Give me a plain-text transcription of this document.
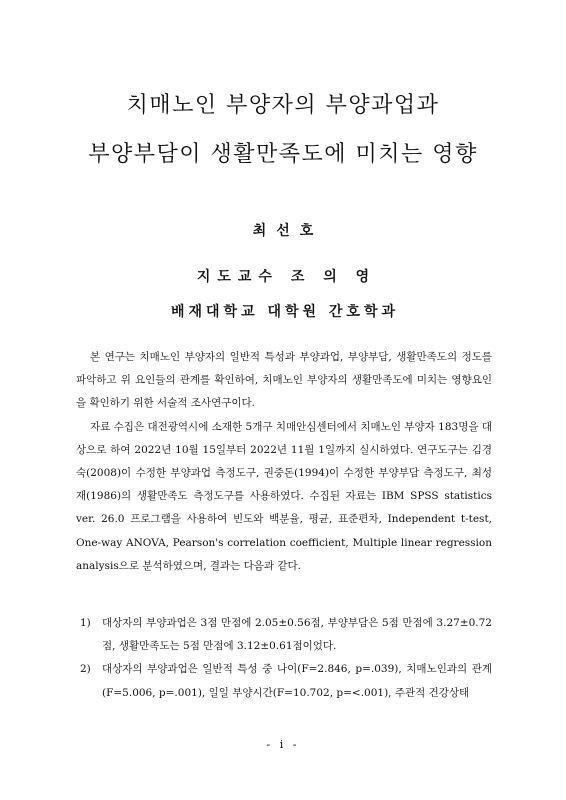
치매노인 부양자의 부양과업과
부양부담이 생활만족도에 미치는 영향
최선호
지도교수 조 의 영
배재대학교 대학원 간호학과

본 연구는 치매노인 부양자의 일반적 특성과 부양과업, 부양부담, 생활만족도의 정도를 파악하고 위 요인들의 관계를 확인하여, 치매노인 부양자의 생활만족도에 미치는 영향요인을 확인하기 위한 서술적 조사연구이다.

자료 수집은 대전광역시에 소재한 5개구 치매안심센터에서 치매노인 부양자 183명을 대상으로 하여 2022년 10월 15일부터 2022년 11월 1일까지 실시하였다. 연구도구는 김경숙(2008)이 수정한 부양과업 측정도구, 권중돈(1994)이 수정한 부양부담 측정도구, 최성재(1986)의 생활만족도 측정도구를 사용하였다. 수집된 자료는 IBM SPSS statistics ver. 26.0 프로그램을 사용하여 빈도와 백분율, 평균, 표준편차, Independent t-test, One-way ANOVA, Pearson's correlation coefficient, Multiple linear regression analysis으로 분석하였으며, 결과는 다음과 같다.

1)	대상자의 부양과업은 3점 만점에 2.05±0.56점, 부양부담은 5점 만점에 3.27±0.72점, 생활만족도는 5점 만점에 3.12±0.61점이었다.
2)	대상자의 부양과업은 일반적 특성 중 나이(F=2.846, p=.039), 치매노인과의 관계(F=5.006, p=.001), 일일 부양시간(F=10.702, p=<.001), 주관적 건강상태
- i -
